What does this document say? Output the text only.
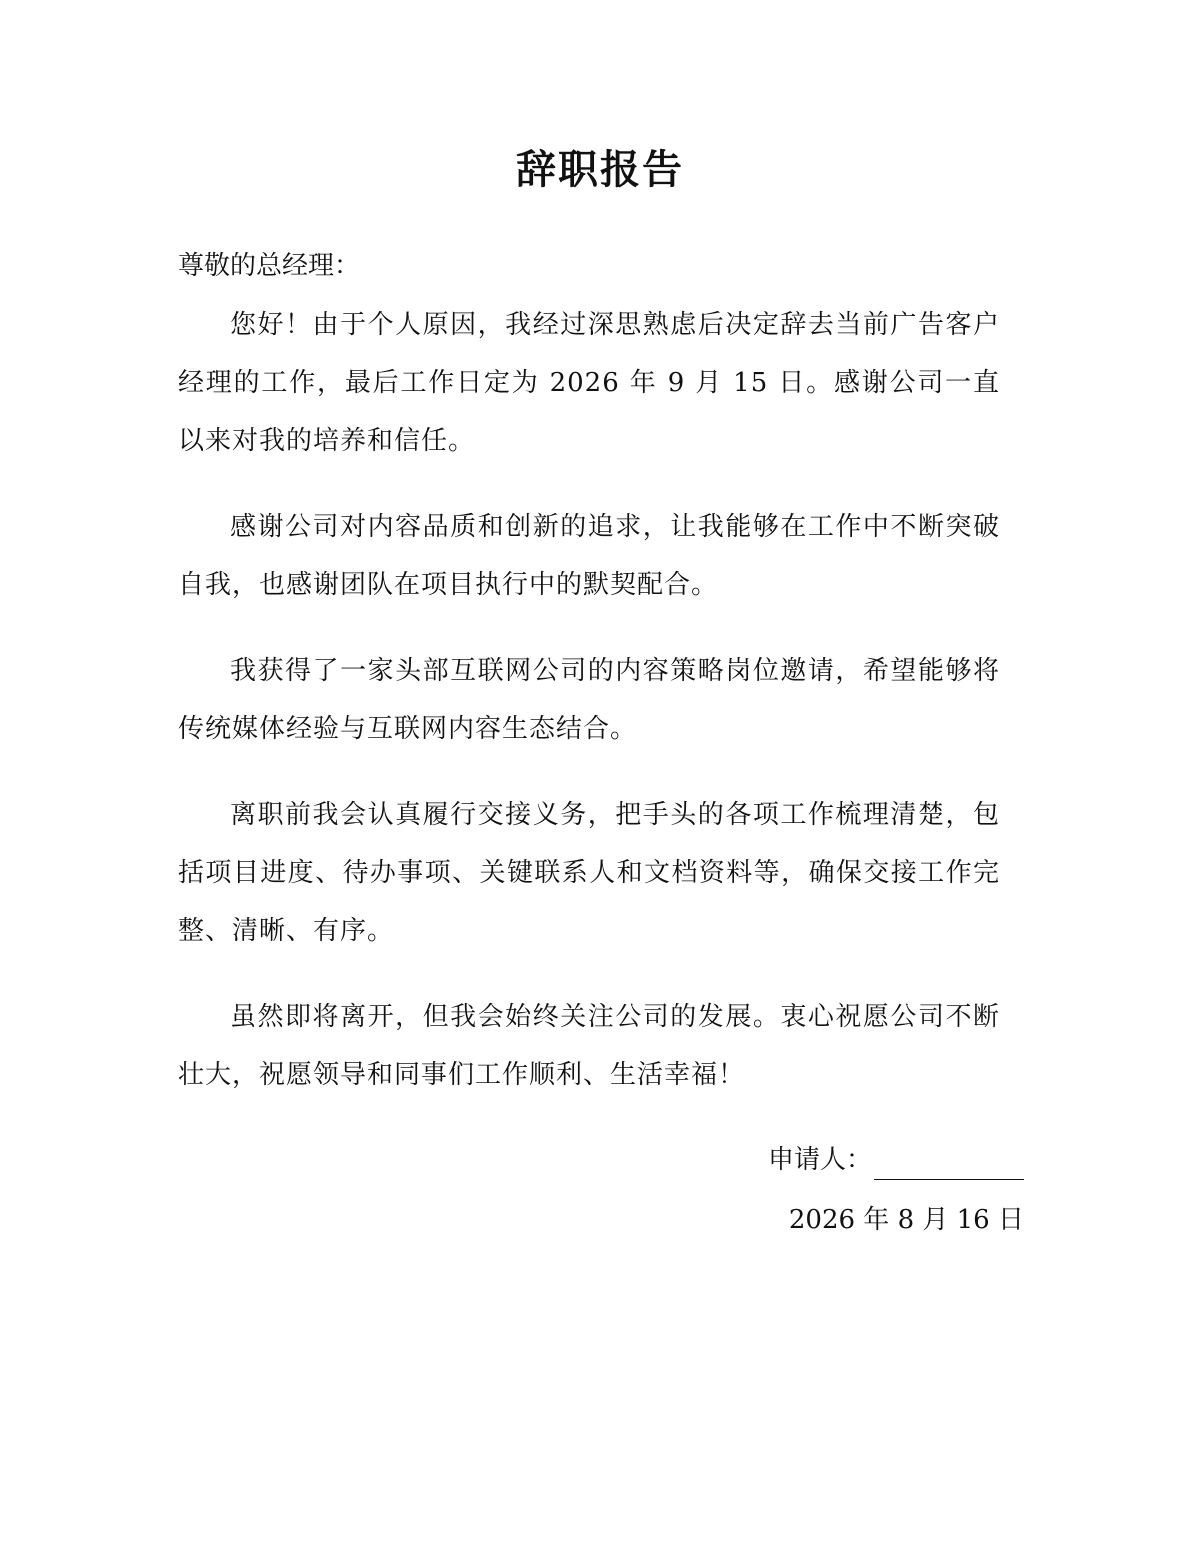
辞职报告
尊敬的总经理：

您好！由于个人原因，我经过深思熟虑后决定辞去当前广告客户经理的工作，最后工作日定为 2026 年 9 月 15 日。感谢公司一直以来对我的培养和信任。

感谢公司对内容品质和创新的追求，让我能够在工作中不断突破自我，也感谢团队在项目执行中的默契配合。

我获得了一家头部互联网公司的内容策略岗位邀请，希望能够将传统媒体经验与互联网内容生态结合。

离职前我会认真履行交接义务，把手头的各项工作梳理清楚，包括项目进度、待办事项、关键联系人和文档资料等，确保交接工作完整、清晰、有序。

虽然即将离开，但我会始终关注公司的发展。衷心祝愿公司不断壮大，祝愿领导和同事们工作顺利、生活幸福！

申请人：
2026 年 8 月 16 日
